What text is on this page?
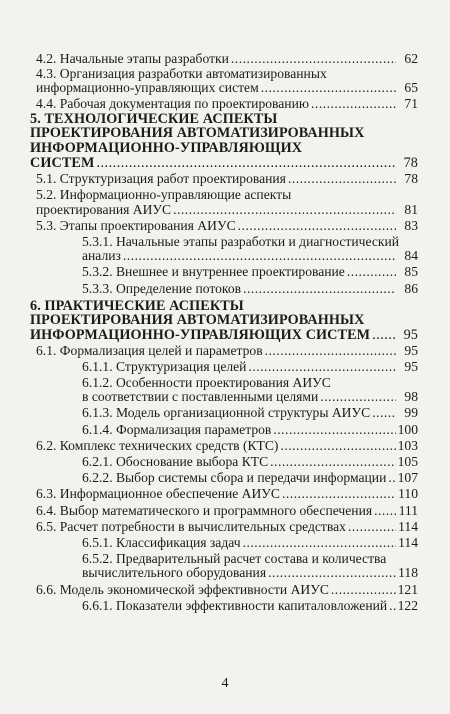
4.2. Начальные этапы разработки .....	62
4.3. Организация разработки автоматизированных
информационно-управляющих систем .....	65
4.4. Рабочая документация по проектированию .....	71
5. ТЕХНОЛОГИЧЕСКИЕ АСПЕКТЫ
ПРОЕКТИРОВАНИЯ АВТОМАТИЗИРОВАННЫХ
ИНФОРМАЦИОННО-УПРАВЛЯЮЩИХ
СИСТЕМ .....	78
5.1. Структуризация работ проектирования .....	78
5.2. Информационно-управляющие аспекты
проектирования АИУС .....	81
5.3. Этапы проектирования АИУС .....	83
5.3.1. Начальные этапы разработки и диагностический
анализ .....	84
5.3.2. Внешнее и внутреннее проектирование .....	85
5.3.3. Определение потоков .....	86
6. ПРАКТИЧЕСКИЕ АСПЕКТЫ
ПРОЕКТИРОВАНИЯ АВТОМАТИЗИРОВАННЫХ
ИНФОРМАЦИОННО-УПРАВЛЯЮЩИХ СИСТЕМ .....	95
6.1. Формализация целей и параметров .....	95
6.1.1. Структуризация целей .....	95
6.1.2. Особенности проектирования АИУС
в соответствии с поставленными целями .....	98
6.1.3. Модель организационной структуры АИУС .....	99
6.1.4. Формализация параметров .....	100
6.2. Комплекс технических средств (КТС) .....	103
6.2.1. Обоснование выбора КТС .....	105
6.2.2. Выбор системы сбора и передачи информации ..... 107
6.3. Информационное обеспечение АИУС .....	110
6.4. Выбор математического и программного обеспечения ..... 111
6.5. Расчет потребности в вычислительных средствах .....	114
6.5.1. Классификация задач .....	114
6.5.2. Предварительный расчет состава и количества
вычислительного оборудования .....	118
6.6. Модель экономической эффективности АИУС .....	121
6.6.1. Показатели эффективности капиталовложений ..... 122
4
